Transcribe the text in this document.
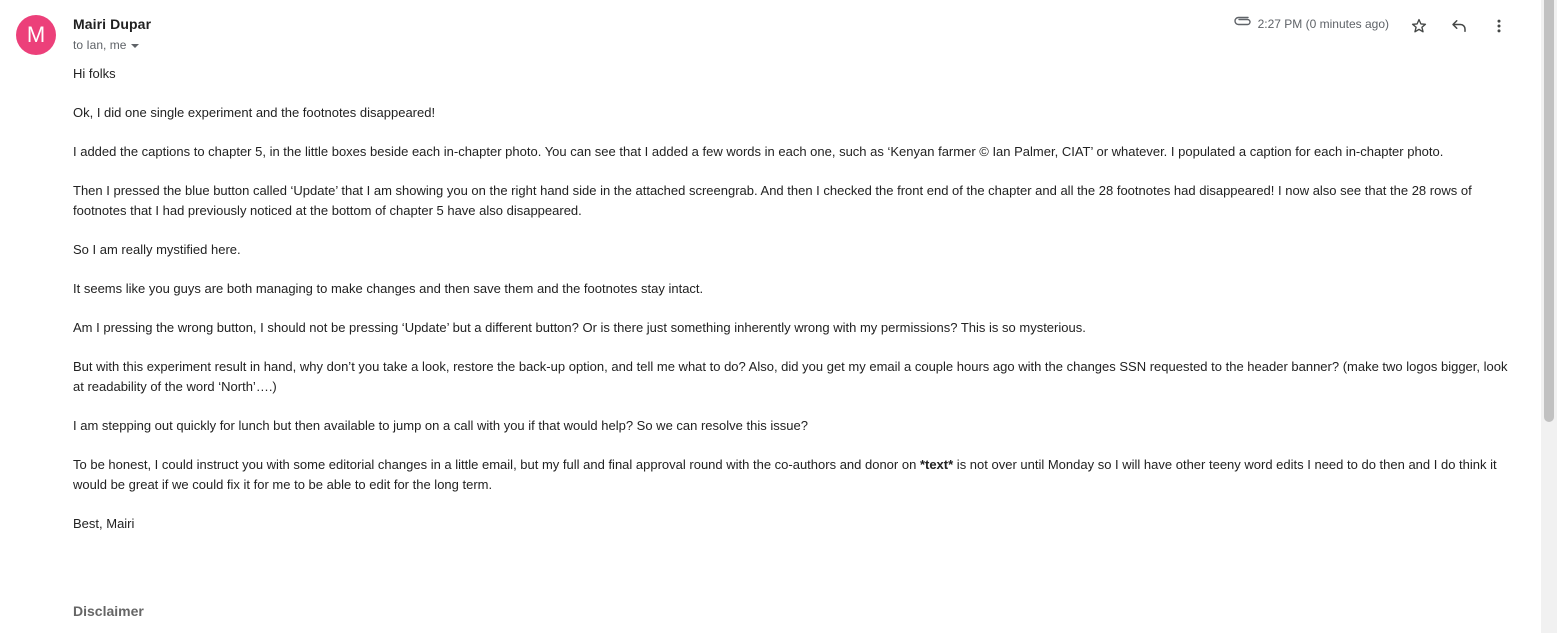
M	Mairi Dupar
to Ian, me
2:27 PM (0 minutes ago)

Hi folks

Ok, I did one single experiment and the footnotes disappeared!

I added the captions to chapter 5, in the little boxes beside each in-chapter photo. You can see that I added a few words in each one, such as ‘Kenyan farmer © Ian Palmer, CIAT’ or whatever. I populated a caption for each in-chapter photo.

Then I pressed the blue button called ‘Update’ that I am showing you on the right hand side in the attached screengrab. And then I checked the front end of the chapter and all the 28 footnotes had disappeared! I now also see that the 28 rows of footnotes that I had previously noticed at the bottom of chapter 5 have also disappeared.

So I am really mystified here.

It seems like you guys are both managing to make changes and then save them and the footnotes stay intact.

Am I pressing the wrong button, I should not be pressing ‘Update’ but a different button? Or is there just something inherently wrong with my permissions? This is so mysterious.

But with this experiment result in hand, why don’t you take a look, restore the back-up option, and tell me what to do? Also, did you get my email a couple hours ago with the changes SSN requested to the header banner? (make two logos bigger, look at readability of the word ‘North’….)

I am stepping out quickly for lunch but then available to jump on a call with you if that would help? So we can resolve this issue?

To be honest, I could instruct you with some editorial changes in a little email, but my full and final approval round with the co-authors and donor on *text* is not over until Monday so I will have other teeny word edits I need to do then and I do think it would be great if we could fix it for me to be able to edit for the long term.

Best, Mairi

Disclaimer
